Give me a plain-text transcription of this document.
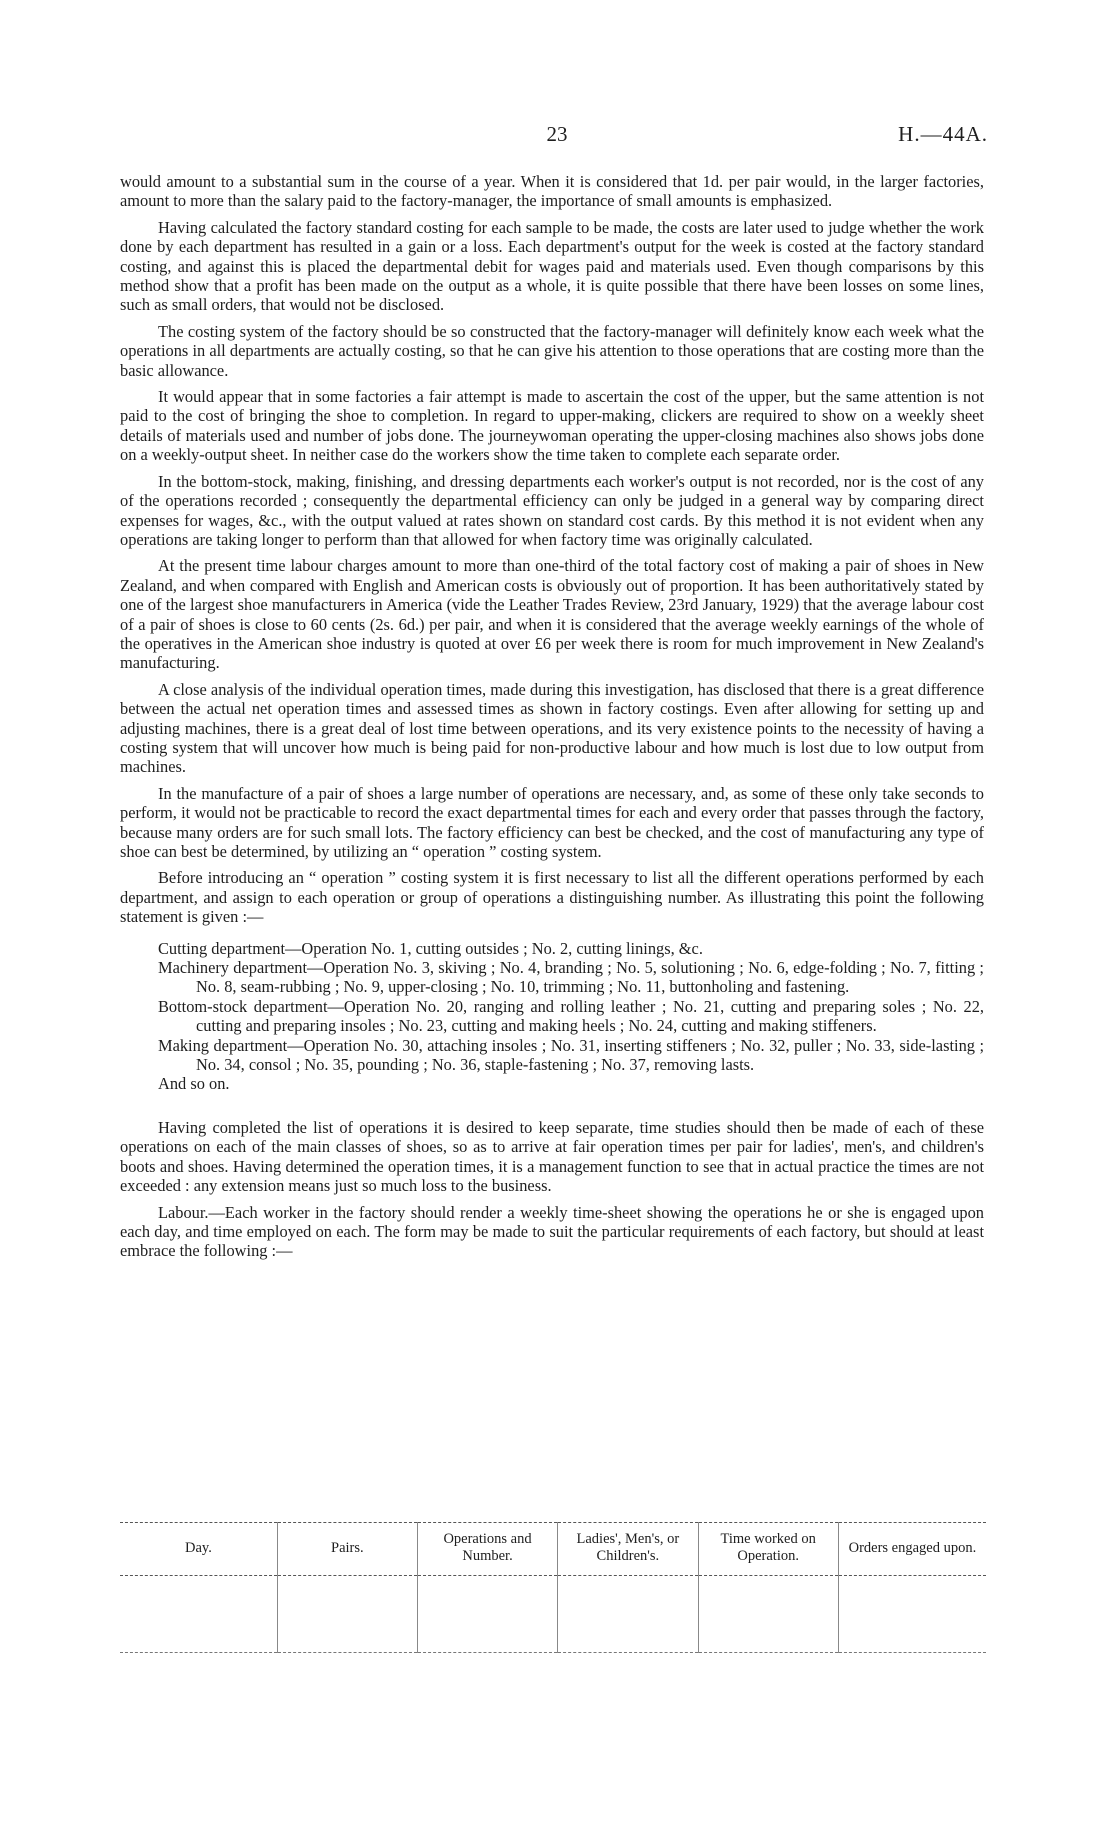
23	H.—44A.

would amount to a substantial sum in the course of a year. When it is considered that 1d. per pair would, in the larger factories, amount to more than the salary paid to the factory-manager, the importance of small amounts is emphasized.

Having calculated the factory standard costing for each sample to be made, the costs are later used to judge whether the work done by each department has resulted in a gain or a loss. Each department's output for the week is costed at the factory standard costing, and against this is placed the departmental debit for wages paid and materials used. Even though comparisons by this method show that a profit has been made on the output as a whole, it is quite possible that there have been losses on some lines, such as small orders, that would not be disclosed.

The costing system of the factory should be so constructed that the factory-manager will definitely know each week what the operations in all departments are actually costing, so that he can give his attention to those operations that are costing more than the basic allowance.

It would appear that in some factories a fair attempt is made to ascertain the cost of the upper, but the same attention is not paid to the cost of bringing the shoe to completion. In regard to upper-making, clickers are required to show on a weekly sheet details of materials used and number of jobs done. The journeywoman operating the upper-closing machines also shows jobs done on a weekly-output sheet. In neither case do the workers show the time taken to complete each separate order.

In the bottom-stock, making, finishing, and dressing departments each worker's output is not recorded, nor is the cost of any of the operations recorded ; consequently the departmental efficiency can only be judged in a general way by comparing direct expenses for wages, &c., with the output valued at rates shown on standard cost cards. By this method it is not evident when any operations are taking longer to perform than that allowed for when factory time was originally calculated.

At the present time labour charges amount to more than one-third of the total factory cost of making a pair of shoes in New Zealand, and when compared with English and American costs is obviously out of proportion. It has been authoritatively stated by one of the largest shoe manufacturers in America (vide the Leather Trades Review, 23rd January, 1929) that the average labour cost of a pair of shoes is close to 60 cents (2s. 6d.) per pair, and when it is considered that the average weekly earnings of the whole of the operatives in the American shoe industry is quoted at over £6 per week there is room for much improvement in New Zealand's manufacturing.

A close analysis of the individual operation times, made during this investigation, has disclosed that there is a great difference between the actual net operation times and assessed times as shown in factory costings. Even after allowing for setting up and adjusting machines, there is a great deal of lost time between operations, and its very existence points to the necessity of having a costing system that will uncover how much is being paid for non-productive labour and how much is lost due to low output from machines.

In the manufacture of a pair of shoes a large number of operations are necessary, and, as some of these only take seconds to perform, it would not be practicable to record the exact departmental times for each and every order that passes through the factory, because many orders are for such small lots. The factory efficiency can best be checked, and the cost of manufacturing any type of shoe can best be determined, by utilizing an “ operation ” costing system.

Before introducing an “ operation ” costing system it is first necessary to list all the different operations performed by each department, and assign to each operation or group of operations a distinguishing number. As illustrating this point the following statement is given :—

Cutting department—Operation No. 1, cutting outsides ; No. 2, cutting linings, &c.
Machinery department—Operation No. 3, skiving ; No. 4, branding ; No. 5, solutioning ; No. 6, edge-folding ; No. 7, fitting ; No. 8, seam-rubbing ; No. 9, upper-closing ; No. 10, trimming ; No. 11, buttonholing and fastening.
Bottom-stock department—Operation No. 20, ranging and rolling leather ; No. 21, cutting and preparing soles ; No. 22, cutting and preparing insoles ; No. 23, cutting and making heels ; No. 24, cutting and making stiffeners.
Making department—Operation No. 30, attaching insoles ; No. 31, inserting stiffeners ; No. 32, puller ; No. 33, side-lasting ; No. 34, consol ; No. 35, pounding ; No. 36, staple-fastening ; No. 37, removing lasts.
And so on.

Having completed the list of operations it is desired to keep separate, time studies should then be made of each of these operations on each of the main classes of shoes, so as to arrive at fair operation times per pair for ladies', men's, and children's boots and shoes. Having determined the operation times, it is a management function to see that in actual practice the times are not exceeded : any extension means just so much loss to the business.

Labour.—Each worker in the factory should render a weekly time-sheet showing the operations he or she is engaged upon each day, and time employed on each. The form may be made to suit the particular requirements of each factory, but should at least embrace the following :—

Day.	Pairs.	Operations and Number.	Ladies', Men's, or Children's.	Time worked on Operation.	Orders engaged upon.
